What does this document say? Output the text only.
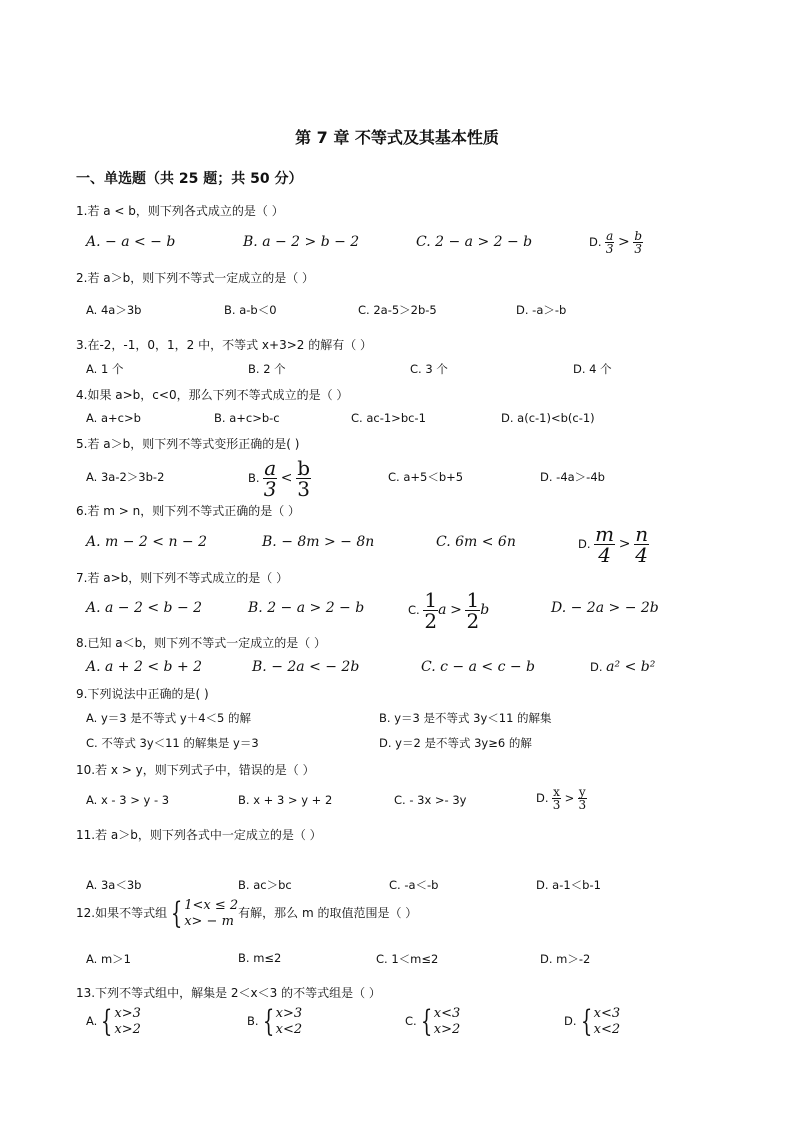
第 7 章 不等式及其基本性质
一、单选题（共 25 题；共 50 分）
1.若 a < b，则下列各式成立的是（ ）
A. − a < − b	B. a − 2 > b − 2	C. 2 − a > 2 − b	D. $\frac{a}{3} > \frac{b}{3}$
2.若 a＞b，则下列不等式一定成立的是（ ）
A. 4a＞3b	B. a-b＜0	C. 2a-5＞2b-5	D. -a＞-b
3.在-2，-1，0，1，2 中，不等式 x+3>2 的解有（ ）
A. 1 个	B. 2 个	C. 3 个	D. 4 个
4.如果 a>b，c<0，那么下列不等式成立的是（ ）
A. a+c>b	B. a+c>b-c	C. ac-1>bc-1	D. a(c-1)<b(c-1)
5.若 a＞b，则下列不等式变形正确的是( )
A. 3a-2＞3b-2	B. $\frac{a}{3} < \frac{b}{3}$	C. a+5＜b+5	D. -4a＞-4b
6.若 m > n，则下列不等式正确的是（ ）
A. m − 2 < n − 2	B. − 8m > − 8n	C. 6m < 6n	D. $\frac{m}{4} > \frac{n}{4}$
7.若 a>b，则下列不等式成立的是（ ）
A. a − 2 < b − 2	B. 2 − a > 2 − b	C. $\frac{1}{2}$ $a > \frac{1}{2}$ b	D. − 2a > − 2b
8.已知 a＜b，则下列不等式一定成立的是（ ）
A. a + 2 < b + 2	B. − 2a < − 2b	C. c − a < c − b	D. a² < b²
9.下列说法中正确的是( )
A. y＝3 是不等式 y＋4＜5 的解	B. y＝3 是不等式 3y＜11 的解集
C. 不等式 3y＜11 的解集是 y＝3	D. y＝2 是不等式 3y≥6 的解
10.若 x > y，则下列式子中，错误的是（ ）
A. x - 3 > y - 3	B. x + 3 > y + 2	C. - 3x >- 3y	D. $\frac{x}{3} > \frac{y}{3}$
11.若 a＞b，则下列各式中一定成立的是（ ）
A. 3a＜3b	B. ac＞bc	C. -a＜-b	D. a-1＜b-1
12.如果不等式组 { 1<x ≤ 2
x> − m
有解，那么 m 的取值范围是（ ）
A. m＞1	B. m≤2	C. 1＜m≤2	D. m＞-2
13.下列不等式组中，解集是 2＜x＜3 的不等式组是（ ）
A. { x>3
x>2
B. { x>3
x<2
C. { x<3
x>2
D. { x<3
x<2
